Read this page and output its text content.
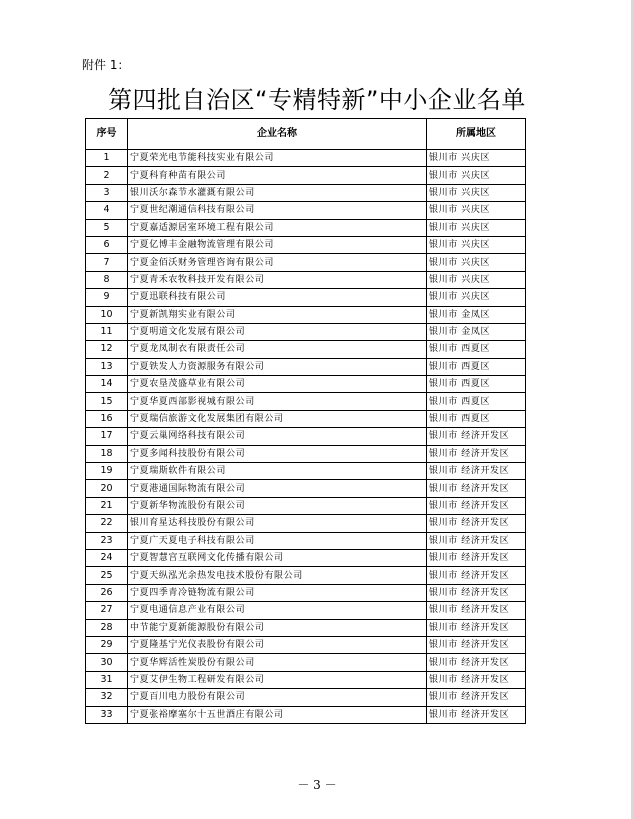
附件 1：
第四批自治区“专精特新”中小企业名单
序号	企业名称	所属地区
1	宁夏荣光电节能科技实业有限公司	银川市 兴庆区
2	宁夏科育种苗有限公司	银川市 兴庆区
3	银川沃尔森节水灌溉有限公司	银川市 兴庆区
4	宁夏世纪潮通信科技有限公司	银川市 兴庆区
5	宁夏嘉适源居室环境工程有限公司	银川市 兴庆区
6	宁夏亿博丰金融物流管理有限公司	银川市 兴庆区
7	宁夏金佰沃财务管理咨询有限公司	银川市 兴庆区
8	宁夏青禾农牧科技开发有限公司	银川市 兴庆区
9	宁夏迅联科技有限公司	银川市 兴庆区
10	宁夏新凯翔实业有限公司	银川市 金凤区
11	宁夏明道文化发展有限公司	银川市 金凤区
12	宁夏龙凤制衣有限责任公司	银川市 西夏区
13	宁夏铁发人力资源服务有限公司	银川市 西夏区
14	宁夏农垦茂盛草业有限公司	银川市 西夏区
15	宁夏华夏西部影视城有限公司	银川市 西夏区
16	宁夏瑞信旅游文化发展集团有限公司	银川市 西夏区
17	宁夏云巢网络科技有限公司	银川市 经济开发区
18	宁夏多闻科技股份有限公司	银川市 经济开发区
19	宁夏瑞斯软件有限公司	银川市 经济开发区
20	宁夏港通国际物流有限公司	银川市 经济开发区
21	宁夏新华物流股份有限公司	银川市 经济开发区
22	银川育星达科技股份有限公司	银川市 经济开发区
23	宁夏广天夏电子科技有限公司	银川市 经济开发区
24	宁夏智慧宫互联网文化传播有限公司	银川市 经济开发区
25	宁夏天纵泓光余热发电技术股份有限公司	银川市 经济开发区
26	宁夏四季青冷链物流有限公司	银川市 经济开发区
27	宁夏电通信息产业有限公司	银川市 经济开发区
28	中节能宁夏新能源股份有限公司	银川市 经济开发区
29	宁夏隆基宁光仪表股份有限公司	银川市 经济开发区
30	宁夏华辉活性炭股份有限公司	银川市 经济开发区
31	宁夏艾伊生物工程研发有限公司	银川市 经济开发区
32	宁夏百川电力股份有限公司	银川市 经济开发区
33	宁夏张裕摩塞尔十五世酒庄有限公司	银川市 经济开发区
－ 3 －
